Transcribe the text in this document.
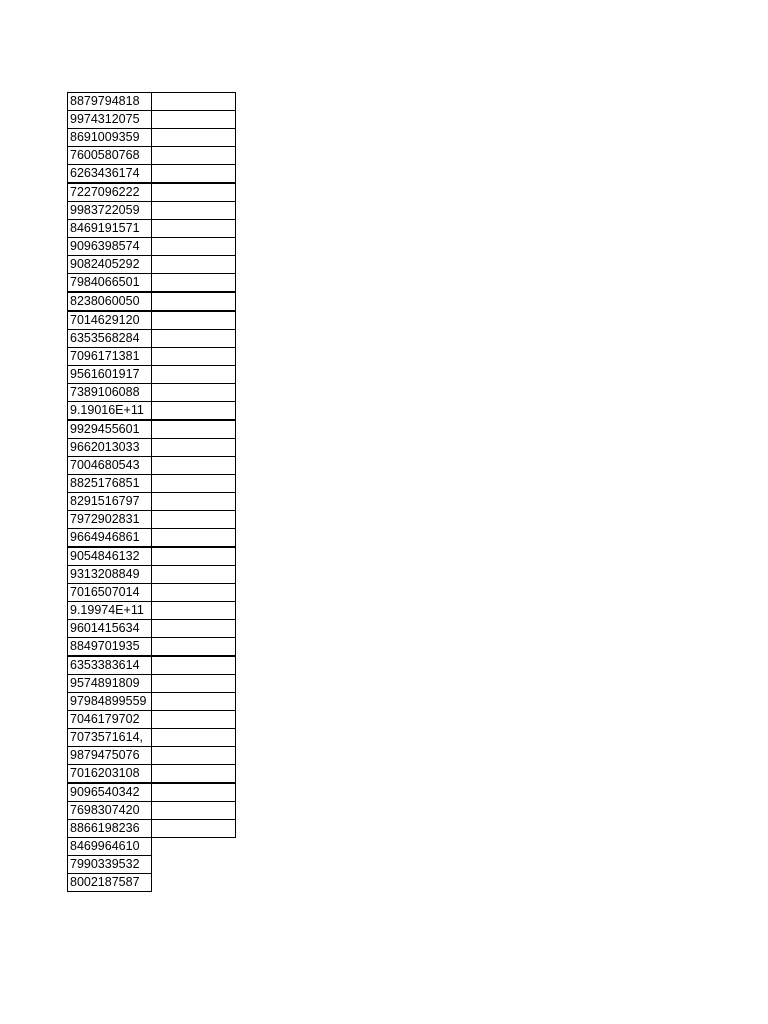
8879794818	
9974312075	
8691009359	
7600580768	
6263436174	
7227096222	
9983722059	
8469191571	
9096398574	
9082405292	
7984066501	
8238060050	
7014629120	
6353568284	
7096171381	
9561601917	
7389106088	
9.19016E+11	
9929455601	
9662013033	
7004680543	
8825176851	
8291516797	
7972902831	
9664946861	
9054846132	
9313208849	
7016507014	
9.19974E+11	
9601415634	
8849701935	
6353383614	
9574891809	
97984899559	
7046179702	
7073571614,	
9879475076	
7016203108	
9096540342	
7698307420	
8866198236	
8469964610	
7990339532	
8002187587	
